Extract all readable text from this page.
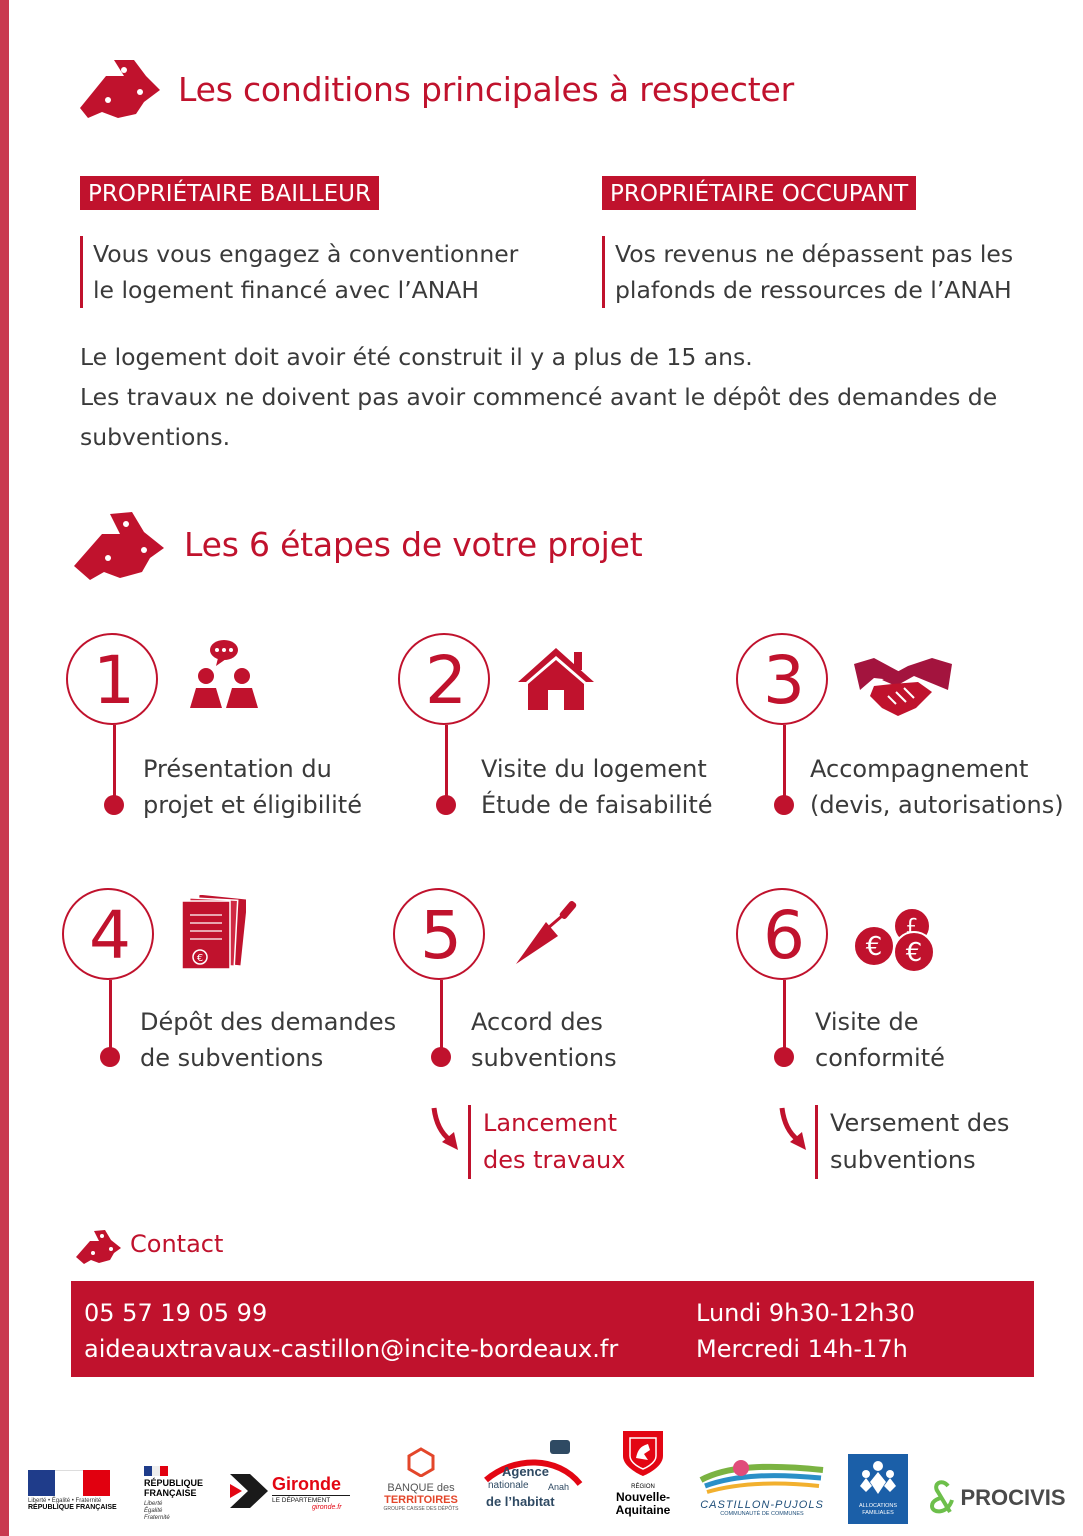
Les conditions principales à respecter
PROPRIÉTAIRE BAILLEUR	PROPRIÉTAIRE OCCUPANT
Vous vous engagez à conventionner
le logement financé avec l’ANAH
Vos revenus ne dépassent pas les
plafonds de ressources de l’ANAH
Le logement doit avoir été construit il y a plus de 15 ans.
Les travaux ne doivent pas avoir commencé avant le dépôt des demandes de
subventions.
Les 6 étapes de votre projet
1
Présentation du
projet et éligibilité
2
Visite du logement
Étude de faisabilité
3
Accompagnement
(devis, autorisations)
4	€
Dépôt des demandes
de subventions
5
Accord des
subventions
6	£
€ €
Visite de
conformité
Lancement
des travaux
Versement des
subventions
Contact
05 57 19 05 99
aideauxtravaux-castillon@incite-bordeaux.fr
Lundi 9h30-12h30
Mercredi 14h-17h
Liberté • Égalité • Fraternité
RÉPUBLIQUE FRANÇAISE
RÉPUBLIQUE
FRANÇAISE
Liberté
Égalité
Fraternité
Gironde
LE DÉPARTEMENT
gironde.fr
BANQUE des
TERRITOIRES
GROUPE CAISSE DES DÉPÔTS
Agence
nationale Anah
de l’habitat
RÉGION
Nouvelle-
Aquitaine	CASTILLON-PUJOLS
COMMUNAUTÉ DE COMMUNES
ALLOCATIONS
FAMILIALES
PROCIVIS
